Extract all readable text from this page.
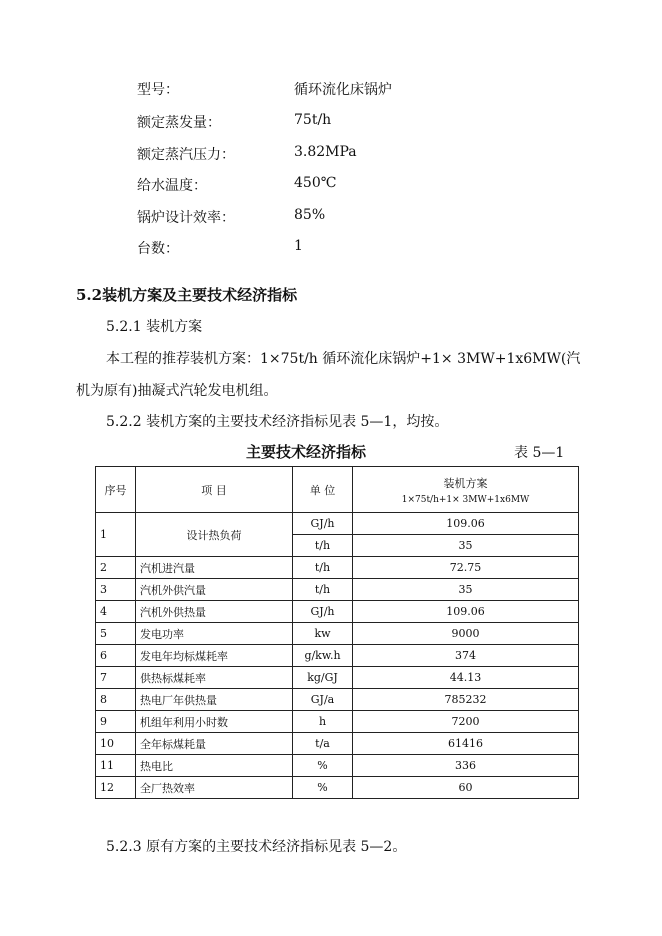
型号：	循环流化床锅炉
额定蒸发量：	75t/h
额定蒸汽压力：	3.82MPa
给水温度：	450℃
锅炉设计效率：	85%
台数：	1
5.2装机方案及主要技术经济指标
5.2.1 装机方案
本工程的推荐装机方案：1×75t/h 循环流化床锅炉+1× 3MW+1x6MW(汽
机为原有)抽凝式汽轮发电机组。
5.2.2 装机方案的主要技术经济指标见表 5—1，均按。
主要技术经济指标	表 5—1
序号	项 目	单 位	装机方案
1×75t/h+1× 3MW+1x6MW

1	设计热负荷	GJ/h	109.06
		t/h	35
2	汽机进汽量	t/h	72.75
3	汽机外供汽量	t/h	35
4	汽机外供热量	GJ/h	109.06
5	发电功率	kw	9000
6	发电年均标煤耗率	g/kw.h	374
7	供热标煤耗率	kg/GJ	44.13
8	热电厂年供热量	GJ/a	785232
9	机组年利用小时数	h	7200
10	全年标煤耗量	t/a	61416
11	热电比	%	336
12	全厂热效率	%	60
5.2.3 原有方案的主要技术经济指标见表 5—2。
